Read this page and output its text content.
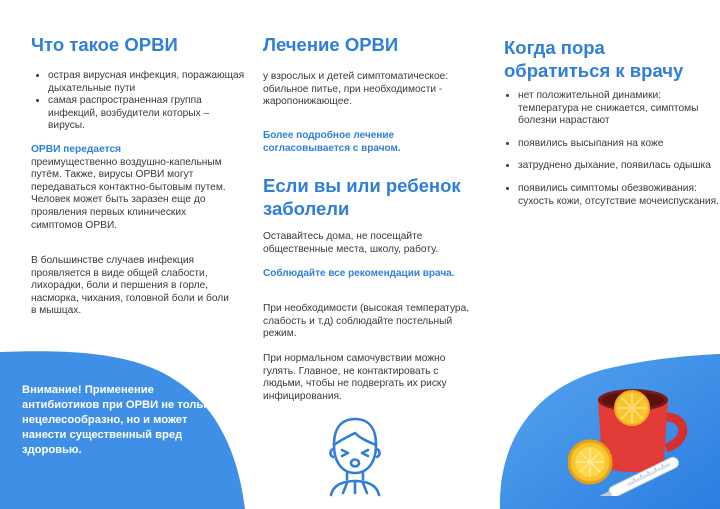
Что такое ОРВИ
• острая вирусная инфекция, поражающая дыхательные пути
• самая распространенная группа инфекций, возбудители которых – вирусы.

ОРВИ передается
преимущественно воздушно-капельным путём. Также, вирусы ОРВИ могут передаваться контактно-бытовым путем. Человек может быть заразен еще до проявления первых клинических симптомов ОРВИ.

В большинстве случаев инфекция проявляется в виде общей слабости, лихорадки, боли и першения в горле, насморка, чихания, головной боли и боли в мышцах.

Внимание! Применение антибиотиков при ОРВИ не только нецелесообразно, но и может нанести существенный вред здоровью.

Лечение ОРВИ

у взрослых и детей симптоматическое: обильное питье, при необходимости - жаропонижающее.

Более подробное лечение согласовывается с врачом.

Если вы или ребенок заболели

Оставайтесь дома, не посещайте общественные места, школу, работу.

Соблюдайте все рекомендации врача.

При необходимости (высокая температура, слабость и т.д) соблюдайте постельный режим.

При нормальном самочувствии можно гулять. Главное, не контактировать с людьми, чтобы не подвергать их риску инфицирования.

Когда пора обратиться к врачу
• нет положительной динамики: температура не снижается, симптомы болезни нарастают
• появились высыпания на коже
• затруднено дыхание, появилась одышка
• появились симптомы обезвоживания: сухость кожи, отсутствие мочеиспускания.
